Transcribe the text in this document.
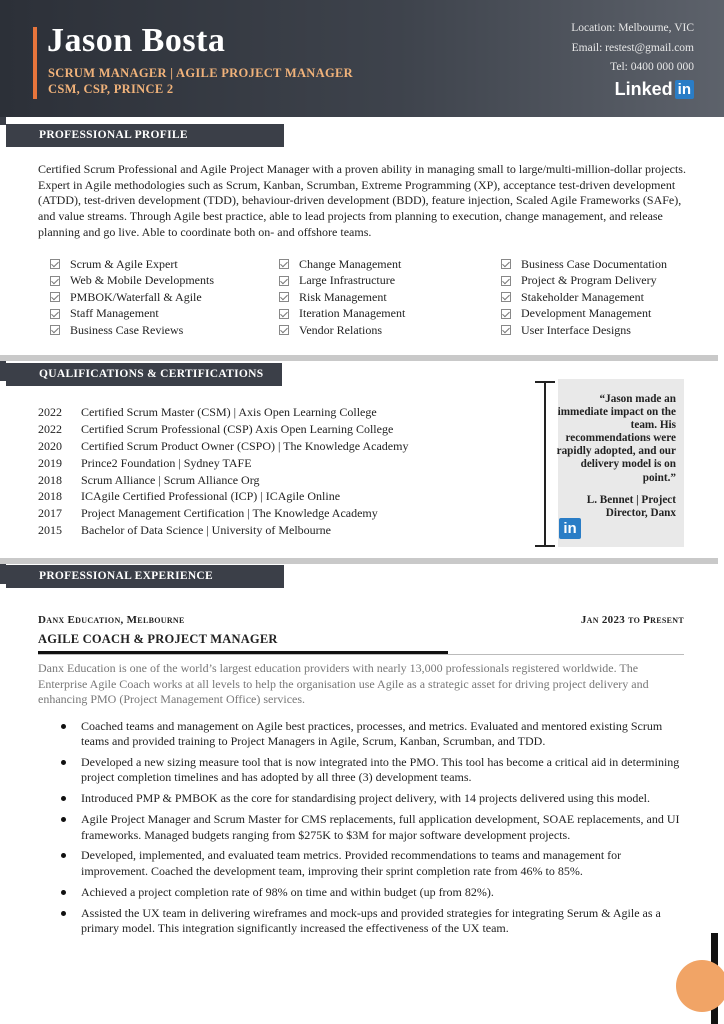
Jason Bosta
SCRUM MANAGER | AGILE PROJECT MANAGER
CSM, CSP, PRINCE 2
Location: Melbourne, VIC
Email: restest@gmail.com
Tel: 0400 000 000
Linked in
PROFESSIONAL PROFILE

Certified Scrum Professional and Agile Project Manager with a proven ability in managing small to large/multi-million-dollar projects. Expert in Agile methodologies such as Scrum, Kanban, Scrumban, Extreme Programming (XP), acceptance test-driven development (ATDD), test-driven development (TDD), behaviour-driven development (BDD), feature injection, Scaled Agile Frameworks (SAFe), and value streams. Through Agile best practice, able to lead projects from planning to execution, change management, and release planning and go live. Able to coordinate both on- and offshore teams.

Scrum & Agile Expert
Web & Mobile Developments
PMBOK/Waterfall & Agile
Staff Management
Business Case Reviews
Change Management
Large Infrastructure
Risk Management
Iteration Management
Vendor Relations
Business Case Documentation
Project & Program Delivery
Stakeholder Management
Development Management
User Interface Designs
QUALIFICATIONS & CERTIFICATIONS
2022	Certified Scrum Master (CSM) | Axis Open Learning College
2022	Certified Scrum Professional (CSP) Axis Open Learning College
2020	Certified Scrum Product Owner (CSPO) | The Knowledge Academy
2019	Prince2 Foundation | Sydney TAFE
2018	Scrum Alliance | Scrum Alliance Org
2018	ICAgile Certified Professional (ICP) | ICAgile Online
2017	Project Management Certification | The Knowledge Academy
2015	Bachelor of Data Science | University of Melbourne
“Jason made an immediate impact on the team. His recommendations were rapidly adopted, and our delivery model is on point.”
L. Bennet | Project Director, Danx
in
PROFESSIONAL EXPERIENCE
Danx Education, Melbourne	Jan 2023 to Present
AGILE COACH & PROJECT MANAGER

Danx Education is one of the world’s largest education providers with nearly 13,000 professionals registered worldwide. The Enterprise Agile Coach works at all levels to help the organisation use Agile as a strategic asset for driving project delivery and enhancing PMO (Project Management Office) services.

Coached teams and management on Agile best practices, processes, and metrics. Evaluated and mentored existing Scrum teams and provided training to Project Managers in Agile, Scrum, Kanban, Scrumban, and TDD.
Developed a new sizing measure tool that is now integrated into the PMO. This tool has become a critical aid in determining project completion timelines and has adopted by all three (3) development teams.
Introduced PMP & PMBOK as the core for standardising project delivery, with 14 projects delivered using this model.
Agile Project Manager and Scrum Master for CMS replacements, full application development, SOAE replacements, and UI frameworks. Managed budgets ranging from $275K to $3M for major software development projects.
Developed, implemented, and evaluated team metrics. Provided recommendations to teams and management for improvement. Coached the development team, improving their sprint completion rate from 46% to 85%.
Achieved a project completion rate of 98% on time and within budget (up from 82%).
Assisted the UX team in delivering wireframes and mock-ups and provided strategies for integrating Serum & Agile as a primary model. This integration significantly increased the effectiveness of the UX team.
